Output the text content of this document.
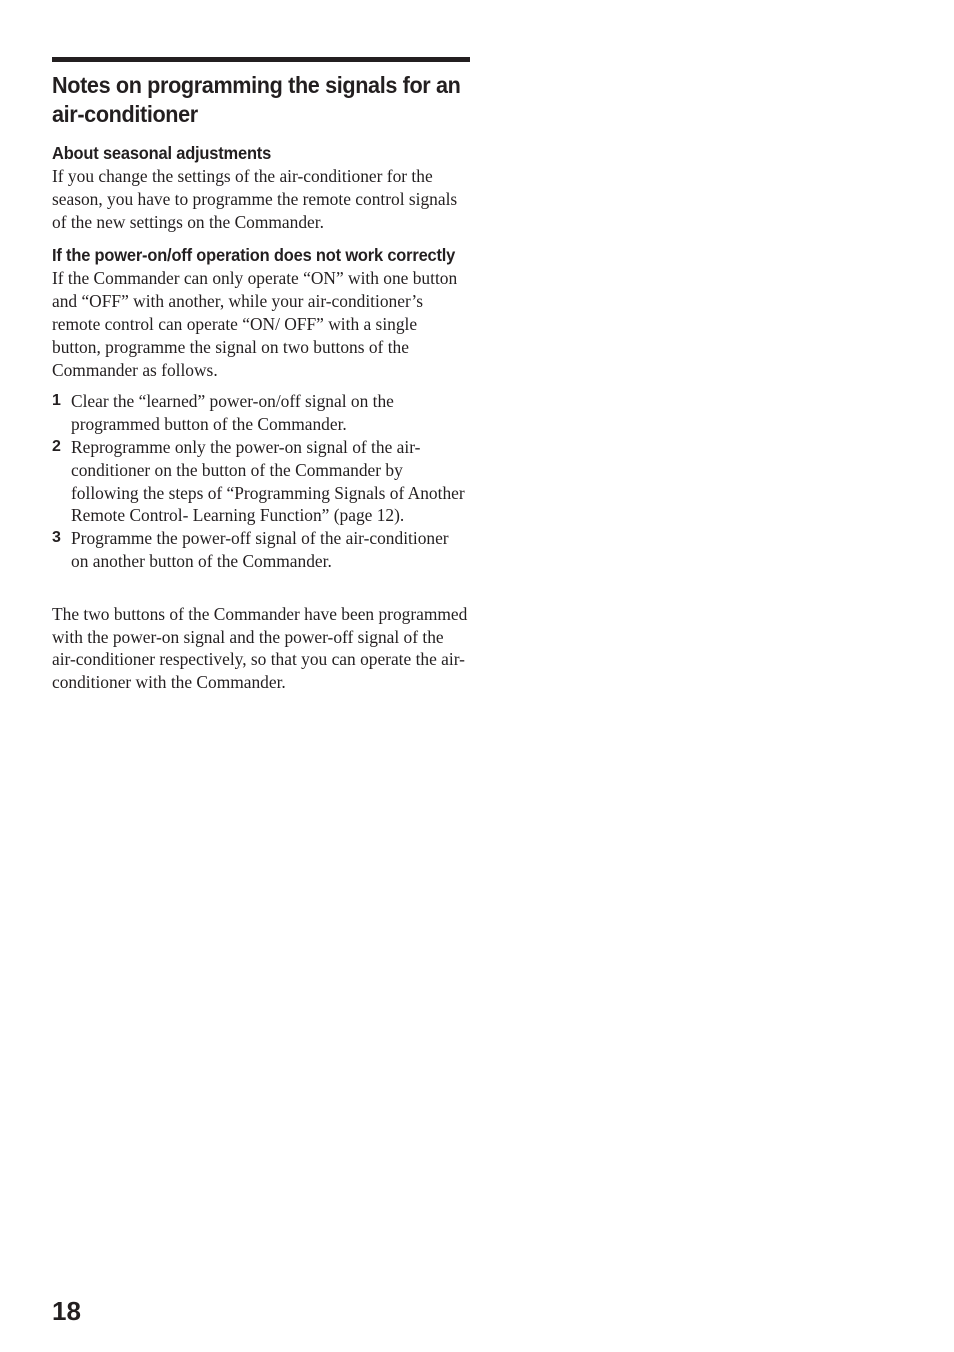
Notes on programming the signals for an air-conditioner
About seasonal adjustments

If you change the settings of the air-conditioner for the season, you have to programme the remote control signals of the new settings on the Commander.

If the power-on/off operation does not work correctly

If the Commander can only operate “ON” with one button and “OFF” with another, while your air-conditioner’s remote control can operate “ON/ OFF” with a single button, programme the signal on two buttons of the Commander as follows.

1 Clear the “learned” power-on/off signal on the programmed button of the Commander.
2 Reprogramme only the power-on signal of the air-conditioner on the button of the Commander by following the steps of “Programming Signals of Another Remote Control- Learning Function” (page 12).
3 Programme the power-off signal of the air-conditioner on another button of the Commander.

The two buttons of the Commander have been programmed with the power-on signal and the power-off signal of the air-conditioner respectively, so that you can operate the air-conditioner with the Commander.

18
